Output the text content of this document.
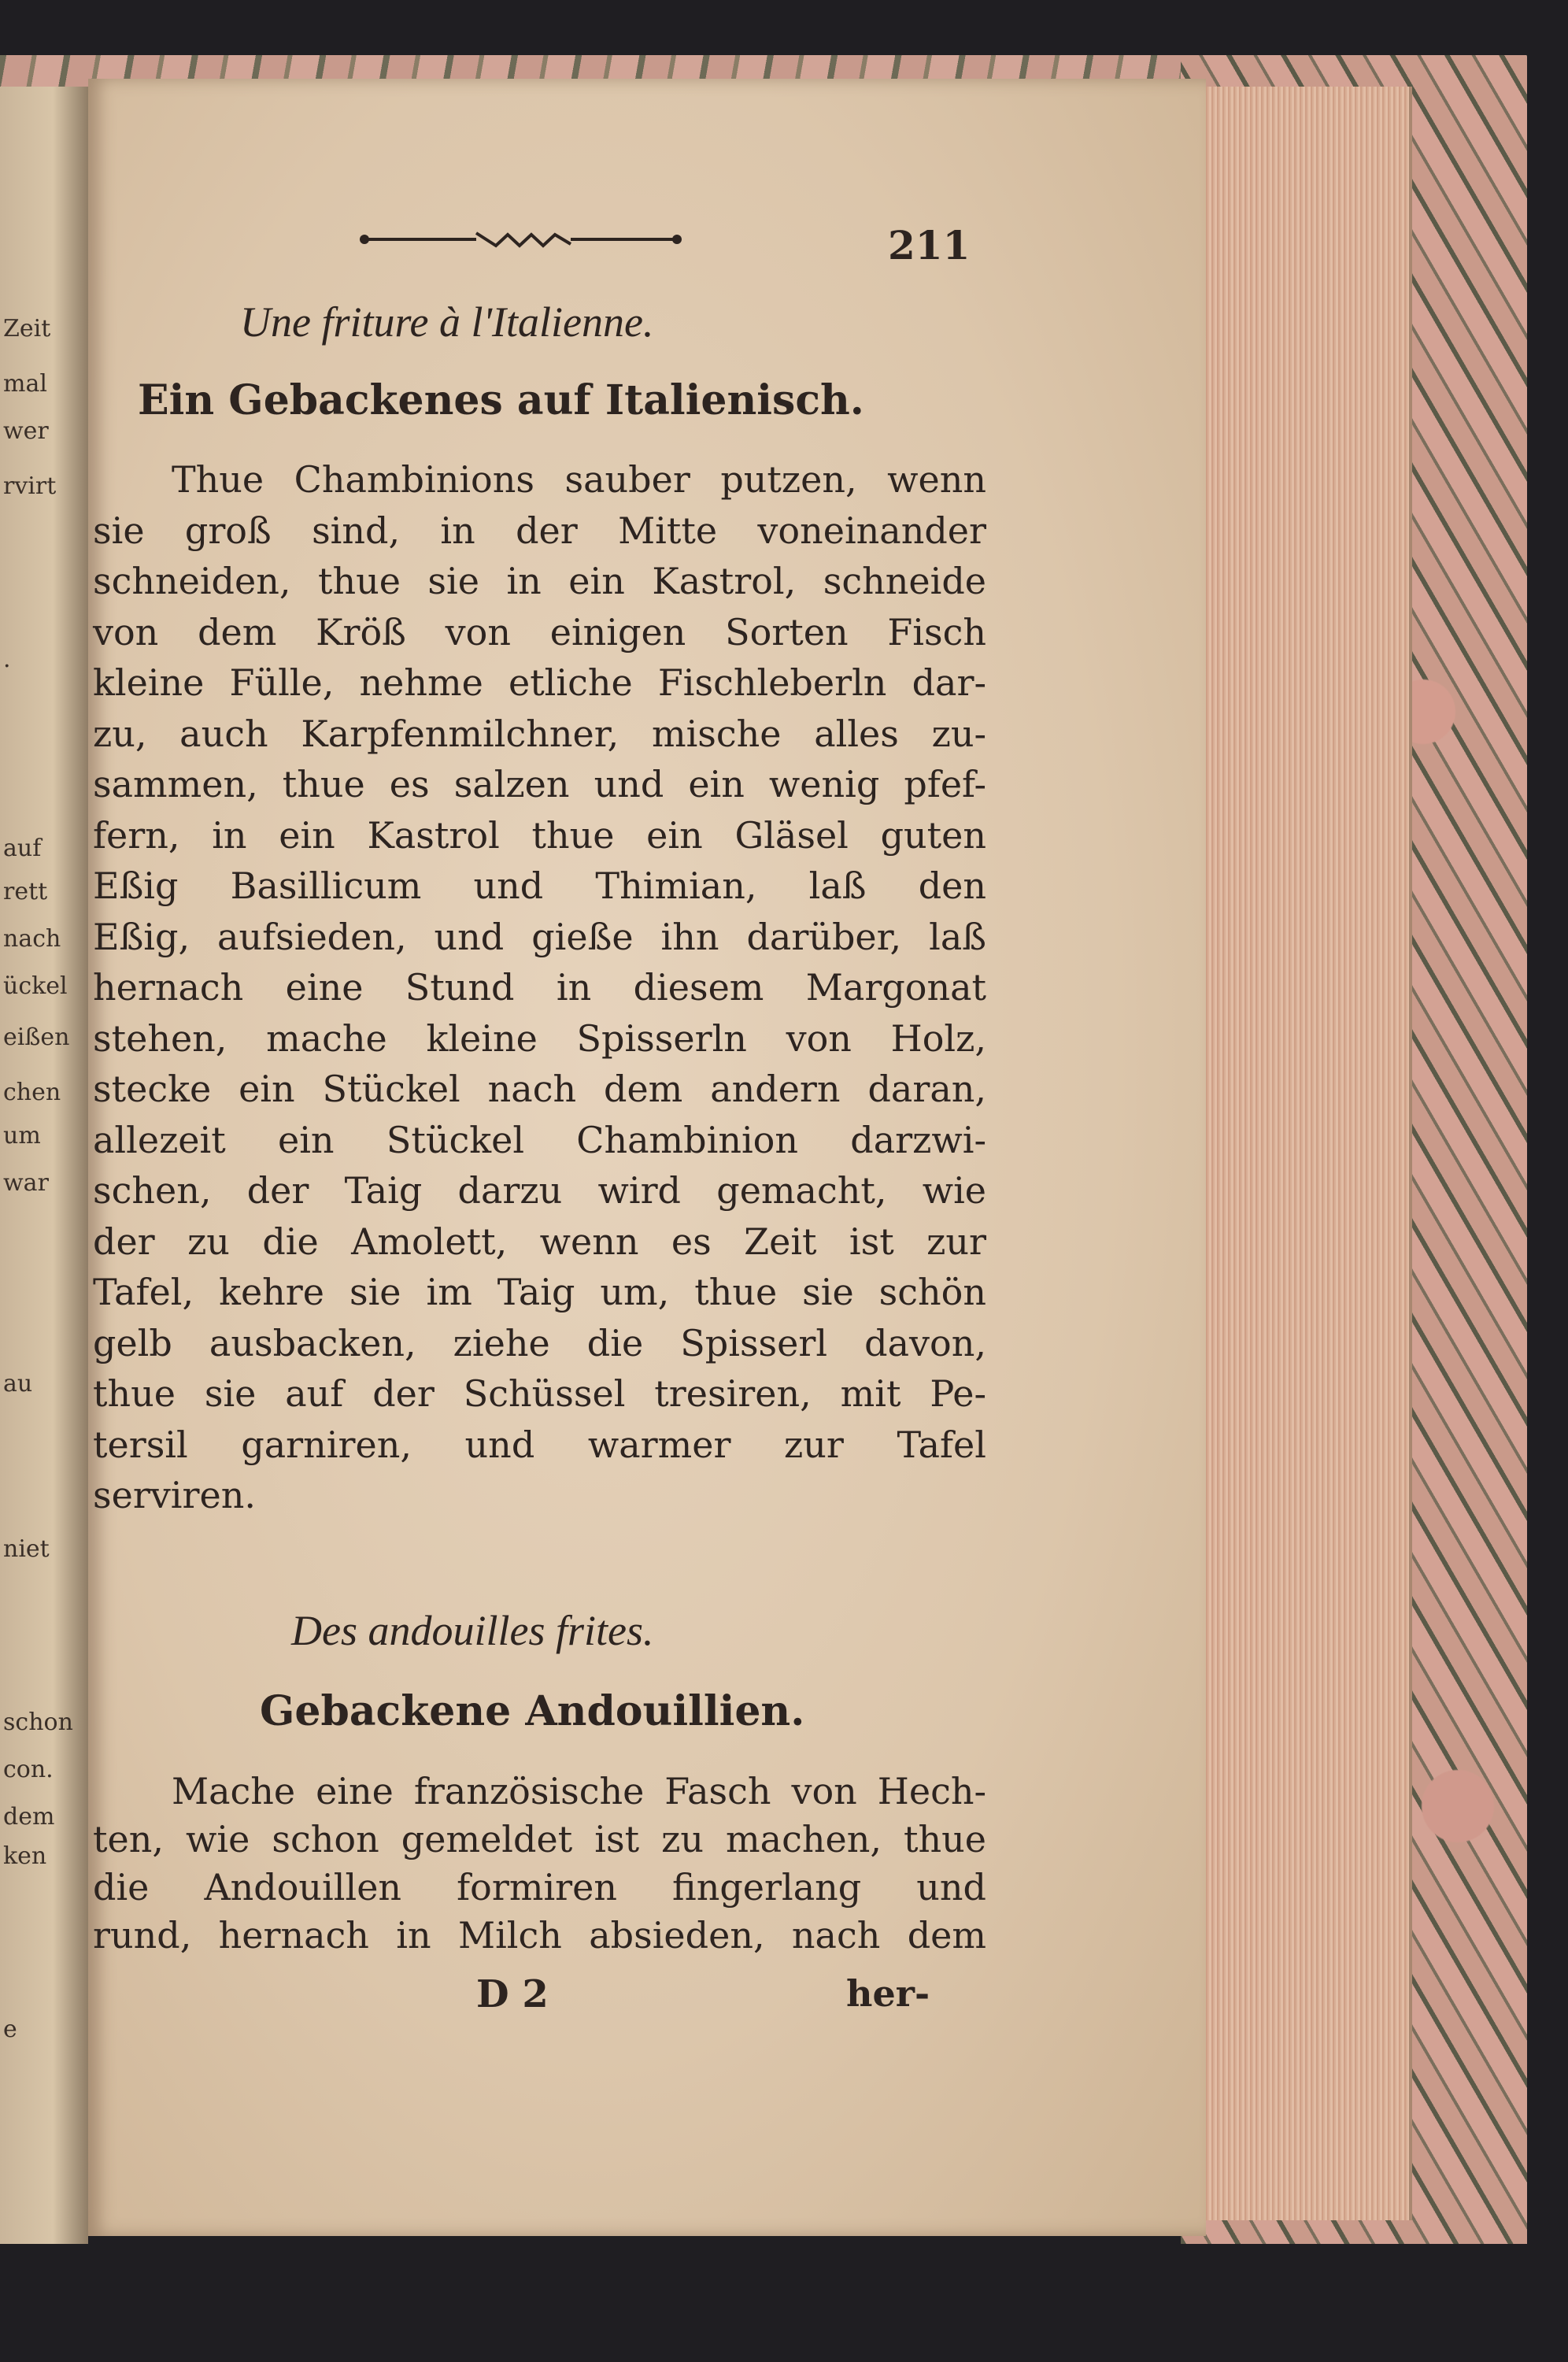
Zeit
mal
wer
rvirt
.
auf
rett
nach
ückel
eißen
chen
um
war
au
niet
schon
con.
dem
ken
e
211
Une friture à l'Italienne.
Ein Gebackenes auf Italienisch.
Thue Chambinions sauber putzen, wenn
sie groß sind, in der Mitte voneinander
schneiden, thue sie in ein Kastrol, schneide
von dem Kröß von einigen Sorten Fisch
kleine Fülle, nehme etliche Fischleberln dar-
zu, auch Karpfenmilchner, mische alles zu-
sammen, thue es salzen und ein wenig pfef-
fern, in ein Kastrol thue ein Gläsel guten
Eßig Basillicum und Thimian, laß den
Eßig, aufsieden, und gieße ihn darüber, laß
hernach eine Stund in diesem Margonat
stehen, mache kleine Spisserln von Holz,
stecke ein Stückel nach dem andern daran,
allezeit ein Stückel Chambinion darzwi-
schen, der Taig darzu wird gemacht, wie
der zu die Amolett, wenn es Zeit ist zur
Tafel, kehre sie im Taig um, thue sie schön
gelb ausbacken, ziehe die Spisserl davon,
thue sie auf der Schüssel tresiren, mit Pe-
tersil garniren, und warmer zur Tafel
serviren.
Des andouilles frites.
Gebackene Andouillien.
Mache eine französische Fasch von Hech-
ten, wie schon gemeldet ist zu machen, thue
die Andouillen formiren fingerlang und
rund, hernach in Milch absieden, nach dem
D 2	her-
